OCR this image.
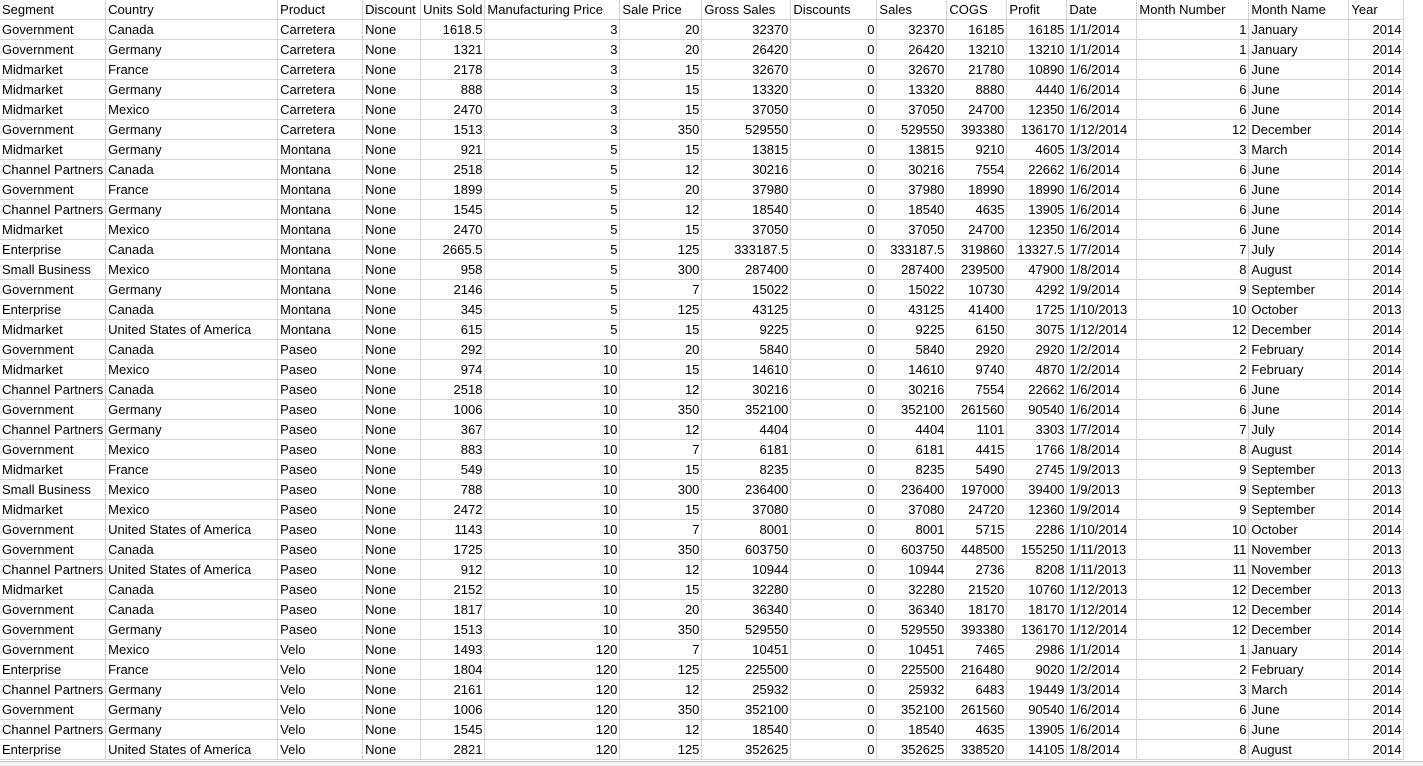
Segment	Country	Product	Discount	Units Sold	Manufacturing Price	Sale Price	Gross Sales	Discounts	Sales	COGS	Profit	Date	Month Number	Month Name	Year
Government	Canada	Carretera	None	1618.5	3	20	32370	0	32370	16185	16185	1/1/2014	1	January	2014
Government	Germany	Carretera	None	1321	3	20	26420	0	26420	13210	13210	1/1/2014	1	January	2014
Midmarket	France	Carretera	None	2178	3	15	32670	0	32670	21780	10890	1/6/2014	6	June	2014
Midmarket	Germany	Carretera	None	888	3	15	13320	0	13320	8880	4440	1/6/2014	6	June	2014
Midmarket	Mexico	Carretera	None	2470	3	15	37050	0	37050	24700	12350	1/6/2014	6	June	2014
Government	Germany	Carretera	None	1513	3	350	529550	0	529550	393380	136170	1/12/2014	12	December	2014
Midmarket	Germany	Montana	None	921	5	15	13815	0	13815	9210	4605	1/3/2014	3	March	2014
Channel Partners	Canada	Montana	None	2518	5	12	30216	0	30216	7554	22662	1/6/2014	6	June	2014
Government	France	Montana	None	1899	5	20	37980	0	37980	18990	18990	1/6/2014	6	June	2014
Channel Partners	Germany	Montana	None	1545	5	12	18540	0	18540	4635	13905	1/6/2014	6	June	2014
Midmarket	Mexico	Montana	None	2470	5	15	37050	0	37050	24700	12350	1/6/2014	6	June	2014
Enterprise	Canada	Montana	None	2665.5	5	125	333187.5	0	333187.5	319860	13327.5	1/7/2014	7	July	2014
Small Business	Mexico	Montana	None	958	5	300	287400	0	287400	239500	47900	1/8/2014	8	August	2014
Government	Germany	Montana	None	2146	5	7	15022	0	15022	10730	4292	1/9/2014	9	September	2014
Enterprise	Canada	Montana	None	345	5	125	43125	0	43125	41400	1725	1/10/2013	10	October	2013
Midmarket	United States of America	Montana	None	615	5	15	9225	0	9225	6150	3075	1/12/2014	12	December	2014
Government	Canada	Paseo	None	292	10	20	5840	0	5840	2920	2920	1/2/2014	2	February	2014
Midmarket	Mexico	Paseo	None	974	10	15	14610	0	14610	9740	4870	1/2/2014	2	February	2014
Channel Partners	Canada	Paseo	None	2518	10	12	30216	0	30216	7554	22662	1/6/2014	6	June	2014
Government	Germany	Paseo	None	1006	10	350	352100	0	352100	261560	90540	1/6/2014	6	June	2014
Channel Partners	Germany	Paseo	None	367	10	12	4404	0	4404	1101	3303	1/7/2014	7	July	2014
Government	Mexico	Paseo	None	883	10	7	6181	0	6181	4415	1766	1/8/2014	8	August	2014
Midmarket	France	Paseo	None	549	10	15	8235	0	8235	5490	2745	1/9/2013	9	September	2013
Small Business	Mexico	Paseo	None	788	10	300	236400	0	236400	197000	39400	1/9/2013	9	September	2013
Midmarket	Mexico	Paseo	None	2472	10	15	37080	0	37080	24720	12360	1/9/2014	9	September	2014
Government	United States of America	Paseo	None	1143	10	7	8001	0	8001	5715	2286	1/10/2014	10	October	2014
Government	Canada	Paseo	None	1725	10	350	603750	0	603750	448500	155250	1/11/2013	11	November	2013
Channel Partners	United States of America	Paseo	None	912	10	12	10944	0	10944	2736	8208	1/11/2013	11	November	2013
Midmarket	Canada	Paseo	None	2152	10	15	32280	0	32280	21520	10760	1/12/2013	12	December	2013
Government	Canada	Paseo	None	1817	10	20	36340	0	36340	18170	18170	1/12/2014	12	December	2014
Government	Germany	Paseo	None	1513	10	350	529550	0	529550	393380	136170	1/12/2014	12	December	2014
Government	Mexico	Velo	None	1493	120	7	10451	0	10451	7465	2986	1/1/2014	1	January	2014
Enterprise	France	Velo	None	1804	120	125	225500	0	225500	216480	9020	1/2/2014	2	February	2014
Channel Partners	Germany	Velo	None	2161	120	12	25932	0	25932	6483	19449	1/3/2014	3	March	2014
Government	Germany	Velo	None	1006	120	350	352100	0	352100	261560	90540	1/6/2014	6	June	2014
Channel Partners	Germany	Velo	None	1545	120	12	18540	0	18540	4635	13905	1/6/2014	6	June	2014
Enterprise	United States of America	Velo	None	2821	120	125	352625	0	352625	338520	14105	1/8/2014	8	August	2014
